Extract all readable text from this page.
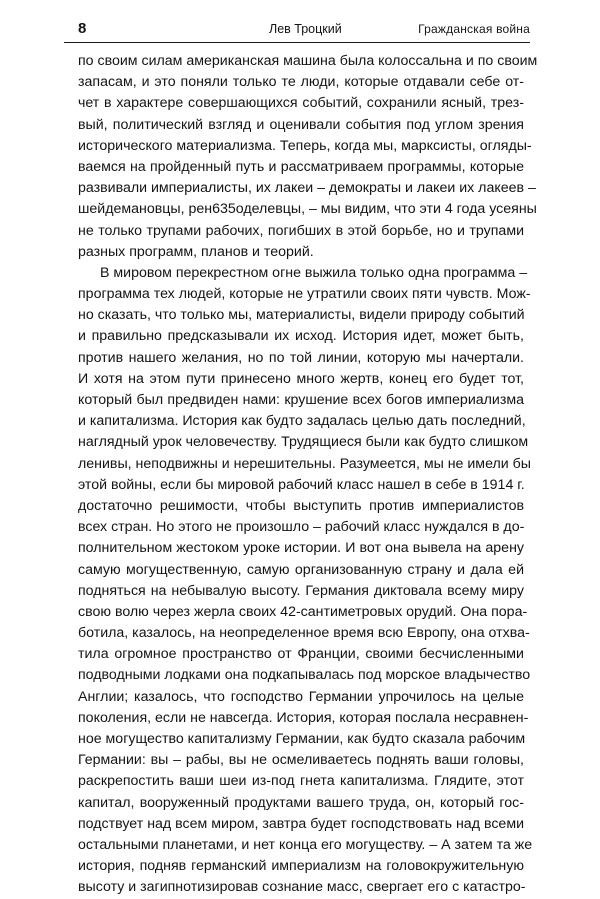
8	Лев Троцкий	Гражданская война
по своим силам американская машина была колоссальна и по своим
запасам, и это поняли только те люди, которые отдавали себе от-
чет в характере совершающихся событий, сохранили ясный, трез-
вый, политический взгляд и оценивали события под углом зрения
исторического материализма. Теперь, когда мы, марксисты, огляды-
ваемся на пройденный путь и рассматриваем программы, которые
развивали империалисты, их лакеи – демократы и лакеи их лакеев –
шейдемановцы, рен635оделевцы, – мы видим, что эти 4 года усеяны
не только трупами рабочих, погибших в этой борьбе, но и трупами
разных программ, планов и теорий.
В мировом перекрестном огне выжила только одна программа –
программа тех людей, которые не утратили своих пяти чувств. Мож-
но сказать, что только мы, материалисты, видели природу событий
и правильно предсказывали их исход. История идет, может быть,
против нашего желания, но по той линии, которую мы начертали.
И хотя на этом пути принесено много жертв, конец его будет тот,
который был предвиден нами: крушение всех богов империализма
и капитализма. История как будто задалась целью дать последний,
наглядный урок человечеству. Трудящиеся были как будто слишком
ленивы, неподвижны и нерешительны. Разумеется, мы не имели бы
этой войны, если бы мировой рабочий класс нашел в себе в 1914 г.
достаточно решимости, чтобы выступить против империалистов
всех стран. Но этого не произошло – рабочий класс нуждался в до-
полнительном жестоком уроке истории. И вот она вывела на арену
самую могущественную, самую организованную страну и дала ей
подняться на небывалую высоту. Германия диктовала всему миру
свою волю через жерла своих 42-сантиметровых орудий. Она пора-
ботила, казалось, на неопределенное время всю Европу, она отхва-
тила огромное пространство от Франции, своими бесчисленными
подводными лодками она подкапывалась под морское владычество
Англии; казалось, что господство Германии упрочилось на целые
поколения, если не навсегда. История, которая послала несравнен-
ное могущество капитализму Германии, как будто сказала рабочим
Германии: вы – рабы, вы не осмеливаетесь поднять ваши головы,
раскрепостить ваши шеи из-под гнета капитализма. Глядите, этот
капитал, вооруженный продуктами вашего труда, он, который гос-
подствует над всем миром, завтра будет господствовать над всеми
остальными планетами, и нет конца его могуществу. – А затем та же
история, подняв германский империализм на головокружительную
высоту и загипнотизировав сознание масс, свергает его с катастро-
